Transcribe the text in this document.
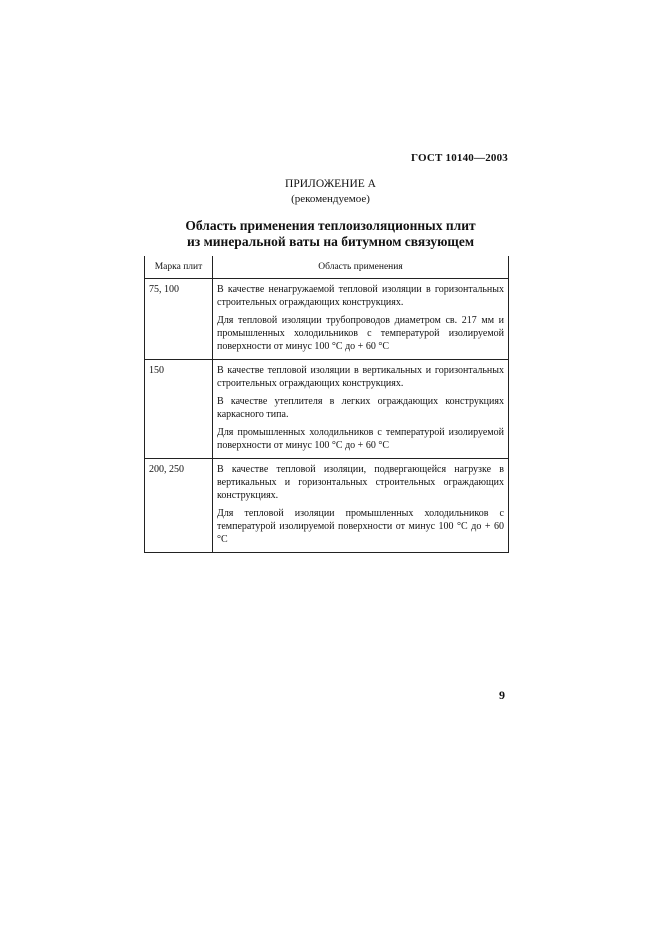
ГОСТ 10140—2003
ПРИЛОЖЕНИЕ А
(рекомендуемое)
Область применения теплоизоляционных плит
из минеральной ваты на битумном связующем
Марка плит	Область применения
75, 100	В качестве ненагружаемой тепловой изоляции в горизонтальных строительных ограждающих конструкциях.

Для тепловой изоляции трубопроводов диаметром св. 217 мм и промышленных холодильников с температурой изолируемой поверхности от минус 100 °С до + 60 °С

150	В качестве тепловой изоляции в вертикальных и горизонтальных строительных ограждающих конструкциях.

В качестве утеплителя в легких ограждающих конструкциях каркасного типа.

Для промышленных холодильников с температурой изолируемой поверхности от минус 100 °С до + 60 °С

200, 250	В качестве тепловой изоляции, подвергающейся нагрузке в вертикальных и горизонтальных строительных ограждающих конструкциях.

Для тепловой изоляции промышленных холодильников с температурой изолируемой поверхности от минус 100 °С до + 60 °С

9
